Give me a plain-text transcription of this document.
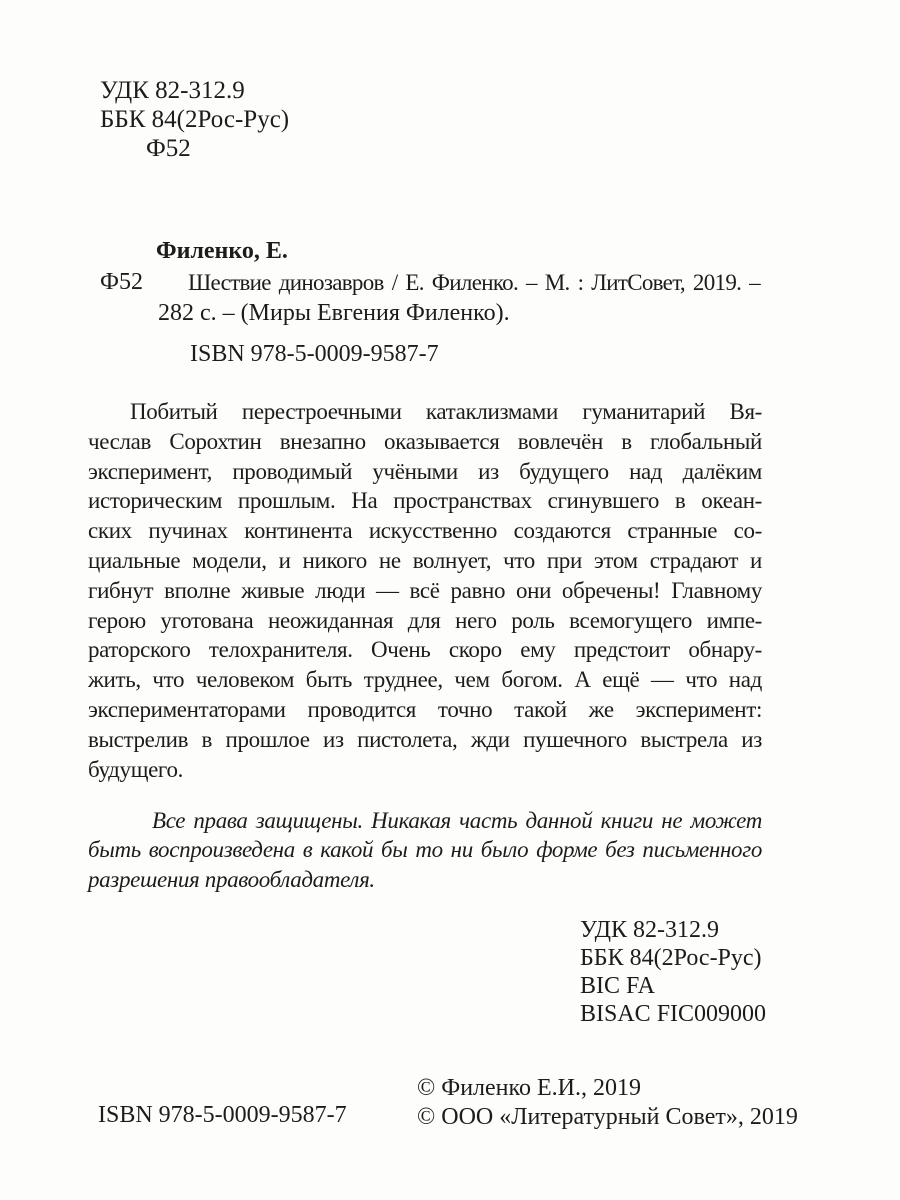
УДК 82-312.9
ББК 84(2Рос-Рус)
Ф52
Филенко, Е.
Ф52	Шествие динозавров / Е. Филенко. – М. : ЛитСовет, 2019. –
282 с. – (Миры Евгения Филенко).
ISBN 978-5-0009-9587-7
Побитый перестроечными катаклизмами гуманитарий Вя-
чеслав Сорохтин внезапно оказывается вовлечён в глобальный
эксперимент, проводимый учёными из будущего над далёким
историческим прошлым. На пространствах сгинувшего в океан-
ских пучинах континента искусственно создаются странные со-
циальные модели, и никого не волнует, что при этом страдают и
гибнут вполне живые люди — всё равно они обречены! Главному
герою уготована неожиданная для него роль всемогущего импе-
раторского телохранителя. Очень скоро ему предстоит обнару-
жить, что человеком быть труднее, чем богом. А ещё — что над
экспериментаторами проводится точно такой же эксперимент:
выстрелив в прошлое из пистолета, жди пушечного выстрела из
будущего.
Все права защищены. Никакая часть данной книги не может
быть воспроизведена в какой бы то ни было форме без письменного
разрешения правообладателя.
УДК 82-312.9
ББК 84(2Рос-Рус)
BIC FA
BISAC FIC009000
ISBN 978-5-0009-9587-7
© Филенко Е.И., 2019
© ООО «Литературный Совет», 2019
